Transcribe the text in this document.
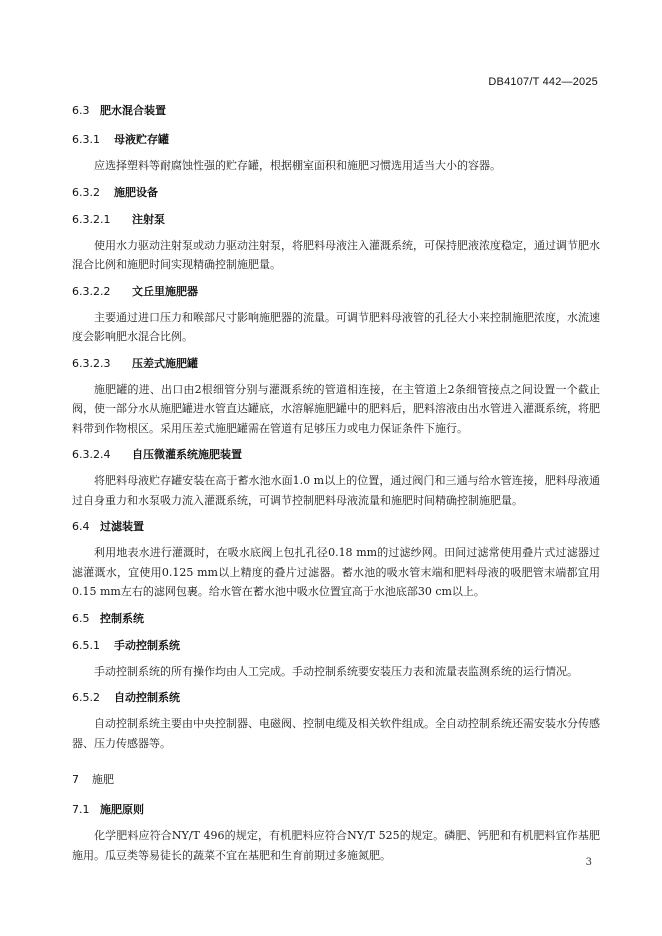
DB4107/T 442—2025
6.3 肥水混合装置
6.3.1	母液贮存罐
应选择塑料等耐腐蚀性强的贮存罐，根据棚室面积和施肥习惯选用适当大小的容器。
6.3.2	施肥设备
6.3.2.1	注射泵
使用水力驱动注射泵或动力驱动注射泵，将肥料母液注入灌溉系统，可保持肥液浓度稳定，通过调节肥水混合比例和施肥时间实现精确控制施肥量。
6.3.2.2	文丘里施肥器
主要通过进口压力和喉部尺寸影响施肥器的流量。可调节肥料母液管的孔径大小来控制施肥浓度，水流速度会影响肥水混合比例。
6.3.2.3	压差式施肥罐
施肥罐的进、出口由2根细管分别与灌溉系统的管道相连接，在主管道上2条细管接点之间设置一个截止阀，使一部分水从施肥罐进水管直达罐底，水溶解施肥罐中的肥料后，肥料溶液由出水管进入灌溉系统，将肥料带到作物根区。采用压差式施肥罐需在管道有足够压力或电力保证条件下施行。
6.3.2.4	自压微灌系统施肥装置
将肥料母液贮存罐安装在高于蓄水池水面1.0 m以上的位置，通过阀门和三通与给水管连接，肥料母液通过自身重力和水泵吸力流入灌溉系统，可调节控制肥料母液流量和施肥时间精确控制施肥量。
6.4 过滤装置
利用地表水进行灌溉时，在吸水底阀上包扎孔径0.18 mm的过滤纱网。田间过滤常使用叠片式过滤器过滤灌溉水，宜使用0.125 mm以上精度的叠片过滤器。蓄水池的吸水管末端和肥料母液的吸肥管末端都宜用0.15 mm左右的滤网包裹。给水管在蓄水池中吸水位置宜高于水池底部30 cm以上。
6.5 控制系统
6.5.1	手动控制系统
手动控制系统的所有操作均由人工完成。手动控制系统要安装压力表和流量表监测系统的运行情况。
6.5.2	自动控制系统
自动控制系统主要由中央控制器、电磁阀、控制电缆及相关软件组成。全自动控制系统还需安装水分传感器、压力传感器等。
7	施肥
7.1 施肥原则
化学肥料应符合NY/T 496的规定，有机肥料应符合NY/T 525的规定。磷肥、钙肥和有机肥料宜作基肥施用。瓜豆类等易徒长的蔬菜不宜在基肥和生育前期过多施氮肥。
3
